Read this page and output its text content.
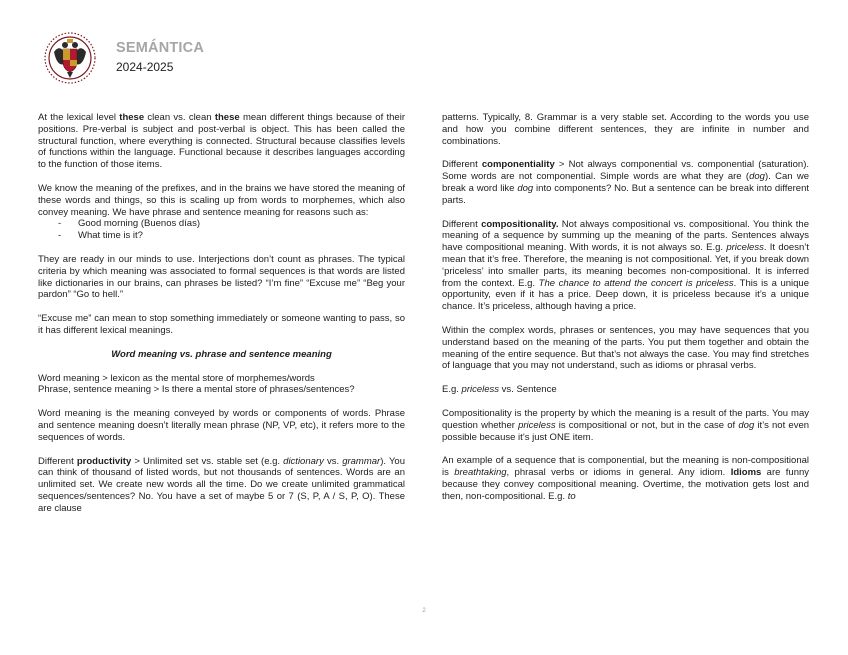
SEMÁNTICA
2024-2025

At the lexical level these clean vs. clean these mean different things because of their positions. Pre-verbal is subject and post-verbal is object. This has been called the structural function, where everything is connected. Structural because classifies levels of functions within the language. Functional because it describes languages according to the function of those items.

We know the meaning of the prefixes, and in the brains we have stored the meaning of these words and things, so this is scaling up from words to morphemes, which also convey meaning. We have phrase and sentence meaning for reasons such as:

- Good morning (Buenos días)
- What time is it?

They are ready in our minds to use. Interjections don’t count as phrases. The typical criteria by which meaning was associated to formal sequences is that words are listed like dictionaries in our brains, can phrases be listed? “I’m fine” “Excuse me” “Beg your pardon” “Go to hell.”

“Excuse me” can mean to stop something immediately or someone wanting to pass, so it has different lexical meanings.

Word meaning vs. phrase and sentence meaning

Word meaning > lexicon as the mental store of morphemes/words

Phrase, sentence meaning > Is there a mental store of phrases/sentences?

Word meaning is the meaning conveyed by words or components of words. Phrase and sentence meaning doesn’t literally mean phrase (NP, VP, etc), it refers more to the sequences of words.

Different productivity > Unlimited set vs. stable set (e.g. dictionary vs. grammar). You can think of thousand of listed words, but not thousands of sentences. Words are an unlimited set. We create new words all the time. Do we create unlimited grammatical sequences/sentences? No. You have a set of maybe 5 or 7 (S, P, A / S, P, O). These are clause

patterns. Typically, 8. Grammar is a very stable set. According to the words you use and how you combine different sentences, they are infinite in number and combinations.

Different componentiality > Not always componential vs. componential (saturation). Some words are not componential. Simple words are what they are (dog). Can we break a word like dog into components? No. But a sentence can be break into different parts.

Different compositionality. Not always compositional vs. compositional. You think the meaning of a sequence by summing up the meaning of the parts. Sentences always have compositional meaning. With words, it is not always so. E.g. priceless. It doesn’t mean that it’s free. Therefore, the meaning is not compositional. Yet, if you break down ‘priceless’ into smaller parts, its meaning becomes non-compositional. It is inferred from the context. E.g. The chance to attend the concert is priceless. This is a unique opportunity, even if it has a price. Deep down, it is priceless because it’s a unique chance. It’s priceless, although having a price.

Within the complex words, phrases or sentences, you may have sequences that you understand based on the meaning of the parts. You put them together and obtain the meaning of the entire sequence. But that’s not always the case. You may find stretches of language that you may not understand, such as idioms or phrasal verbs.

E.g. priceless vs. Sentence

Compositionality is the property by which the meaning is a result of the parts. You may question whether priceless is compositional or not, but in the case of dog it’s not even possible because it’s just ONE item.

An example of a sequence that is componential, but the meaning is non-compositional is breathtaking, phrasal verbs or idioms in general. Any idiom. Idioms are funny because they convey compositional meaning. Overtime, the motivation gets lost and then, non-compositional. E.g. to

2
